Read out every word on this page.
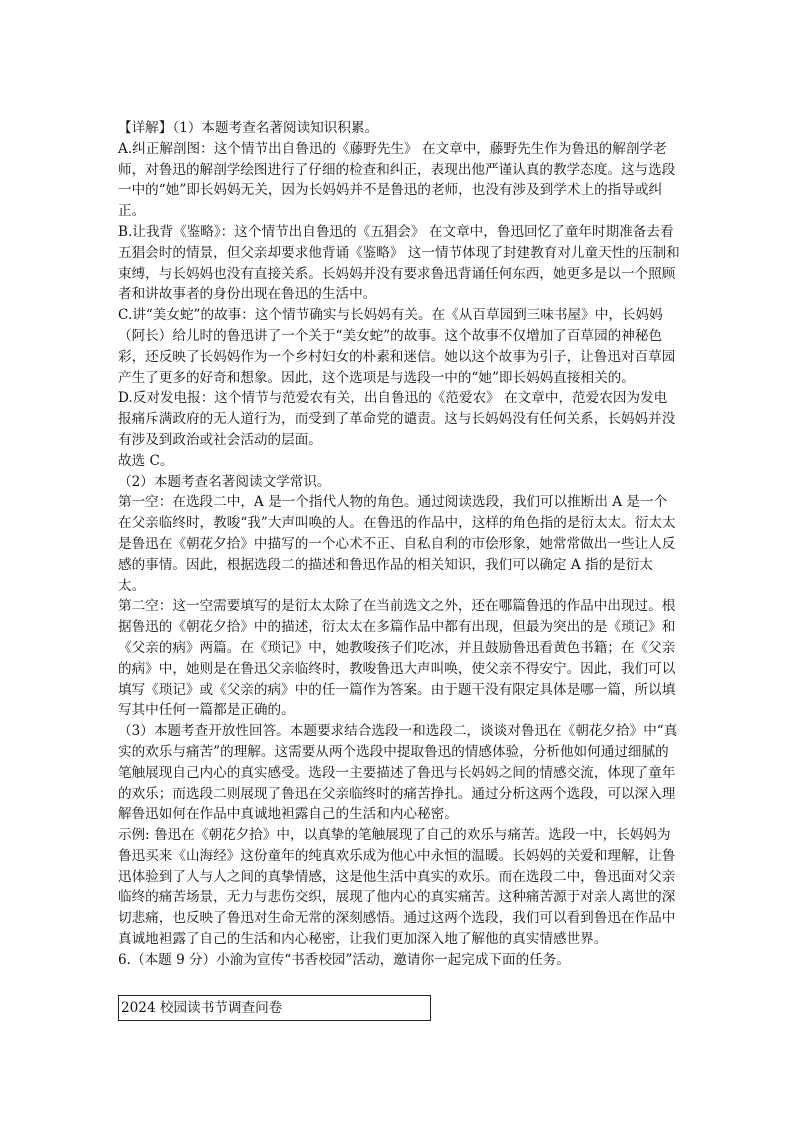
【详解】（1）本题考查名著阅读知识积累。

A.纠正解剖图：这个情节出自鲁迅的《藤野先生》 在文章中，藤野先生作为鲁迅的解剖学老师，对鲁迅的解剖学绘图进行了仔细的检查和纠正，表现出他严谨认真的教学态度。这与选段一中的“她”即长妈妈无关，因为长妈妈并不是鲁迅的老师，也没有涉及到学术上的指导或纠正。

B.让我背《鉴略》：这个情节出自鲁迅的《五猖会》 在文章中，鲁迅回忆了童年时期准备去看五猖会时的情景，但父亲却要求他背诵《鉴略》 这一情节体现了封建教育对儿童天性的压制和束缚，与长妈妈也没有直接关系。长妈妈并没有要求鲁迅背诵任何东西，她更多是以一个照顾者和讲故事者的身份出现在鲁迅的生活中。

C.讲“美女蛇”的故事：这个情节确实与长妈妈有关。在《从百草园到三味书屋》中，长妈妈（阿长）给儿时的鲁迅讲了一个关于“美女蛇”的故事。这个故事不仅增加了百草园的神秘色彩，还反映了长妈妈作为一个乡村妇女的朴素和迷信。她以这个故事为引子，让鲁迅对百草园产生了更多的好奇和想象。因此，这个选项是与选段一中的“她”即长妈妈直接相关的。

D.反对发电报：这个情节与范爱农有关，出自鲁迅的《范爱农》 在文章中，范爱农因为发电报痛斥满政府的无人道行为，而受到了革命党的谴责。这与长妈妈没有任何关系，长妈妈并没有涉及到政治或社会活动的层面。

故选 C。

（2）本题考查名著阅读文学常识。

第一空：在选段二中，A 是一个指代人物的角色。通过阅读选段，我们可以推断出 A 是一个在父亲临终时，教唆“我”大声叫唤的人。在鲁迅的作品中，这样的角色指的是衍太太。衍太太是鲁迅在《朝花夕拾》中描写的一个心术不正、自私自利的市侩形象，她常常做出一些让人反感的事情。因此，根据选段二的描述和鲁迅作品的相关知识，我们可以确定 A 指的是衍太太。

第二空：这一空需要填写的是衍太太除了在当前选文之外，还在哪篇鲁迅的作品中出现过。根据鲁迅的《朝花夕拾》中的描述，衍太太在多篇作品中都有出现，但最为突出的是《琐记》和《父亲的病》两篇。在《琐记》中，她教唆孩子们吃冰，并且鼓励鲁迅看黄色书籍；在《父亲的病》中，她则是在鲁迅父亲临终时，教唆鲁迅大声叫唤，使父亲不得安宁。因此，我们可以填写《琐记》或《父亲的病》中的任一篇作为答案。由于题干没有限定具体是哪一篇，所以填写其中任何一篇都是正确的。

（3）本题考查开放性回答。本题要求结合选段一和选段二，谈谈对鲁迅在《朝花夕拾》中“真实的欢乐与痛苦”的理解。这需要从两个选段中提取鲁迅的情感体验，分析他如何通过细腻的笔触展现自己内心的真实感受。选段一主要描述了鲁迅与长妈妈之间的情感交流，体现了童年的欢乐；而选段二则展现了鲁迅在父亲临终时的痛苦挣扎。通过分析这两个选段，可以深入理解鲁迅如何在作品中真诚地袒露自己的生活和内心秘密。

示例: 鲁迅在《朝花夕拾》中，以真挚的笔触展现了自己的欢乐与痛苦。选段一中，长妈妈为鲁迅买来《山海经》这份童年的纯真欢乐成为他心中永恒的温暖。长妈妈的关爱和理解，让鲁迅体验到了人与人之间的真挚情感，这是他生活中真实的欢乐。而在选段二中，鲁迅面对父亲临终的痛苦场景，无力与悲伤交织，展现了他内心的真实痛苦。这种痛苦源于对亲人离世的深切悲痛，也反映了鲁迅对生命无常的深刻感悟。通过这两个选段，我们可以看到鲁迅在作品中真诚地袒露了自己的生活和内心秘密，让我们更加深入地了解他的真实情感世界。

6.（本题 9 分）小渝为宣传“书香校园”活动，邀请你一起完成下面的任务。

2024 校园读书节调查问卷
